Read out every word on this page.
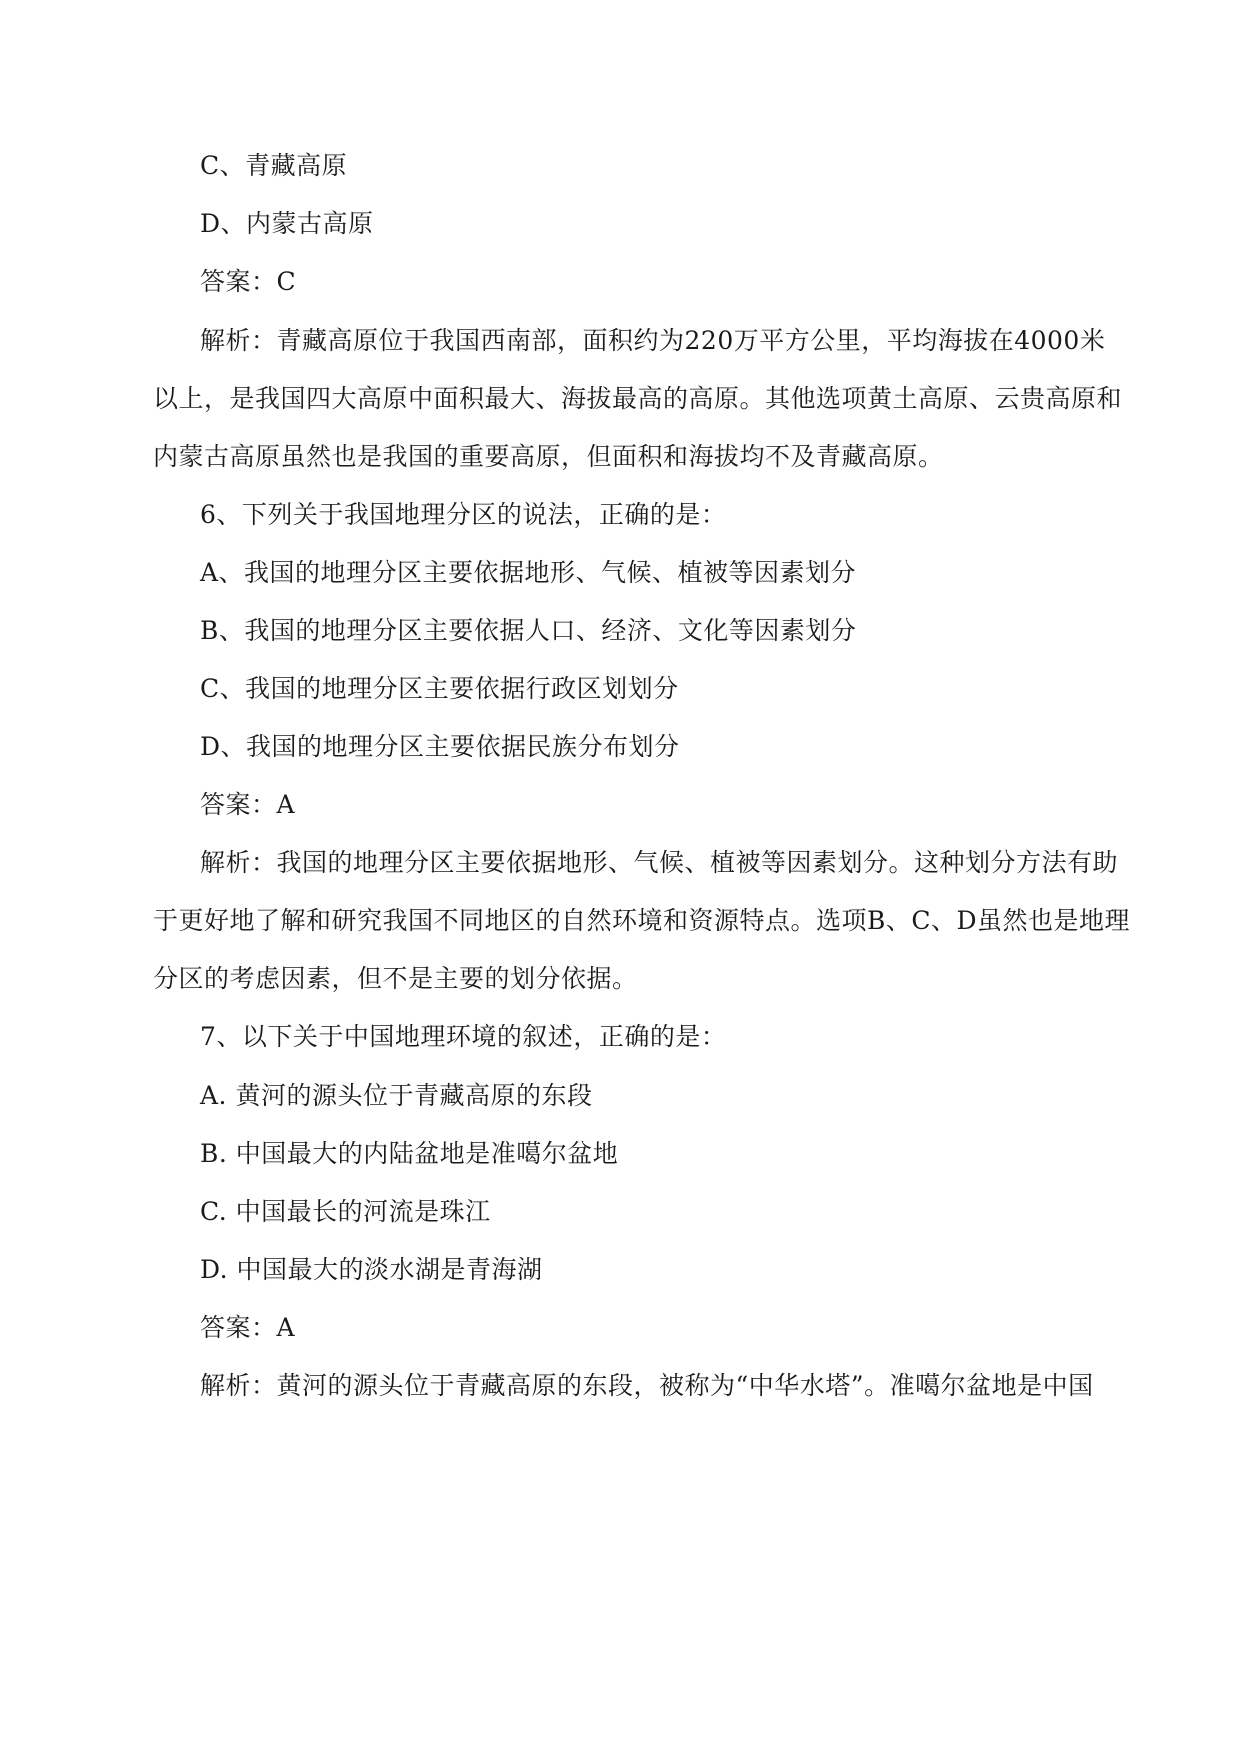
C、青藏高原
D、内蒙古高原
答案：C
解析：青藏高原位于我国西南部，面积约为220万平方公里，平均海拔在4000米
以上，是我国四大高原中面积最大、海拔最高的高原。其他选项黄土高原、云贵高原和
内蒙古高原虽然也是我国的重要高原，但面积和海拔均不及青藏高原。
6、下列关于我国地理分区的说法，正确的是：
A、我国的地理分区主要依据地形、气候、植被等因素划分
B、我国的地理分区主要依据人口、经济、文化等因素划分
C、我国的地理分区主要依据行政区划划分
D、我国的地理分区主要依据民族分布划分
答案：A
解析：我国的地理分区主要依据地形、气候、植被等因素划分。这种划分方法有助
于更好地了解和研究我国不同地区的自然环境和资源特点。选项B、C、D虽然也是地理
分区的考虑因素，但不是主要的划分依据。
7、以下关于中国地理环境的叙述，正确的是：
A. 黄河的源头位于青藏高原的东段
B. 中国最大的内陆盆地是准噶尔盆地
C. 中国最长的河流是珠江
D. 中国最大的淡水湖是青海湖
答案：A
解析：黄河的源头位于青藏高原的东段，被称为“中华水塔”。准噶尔盆地是中国
